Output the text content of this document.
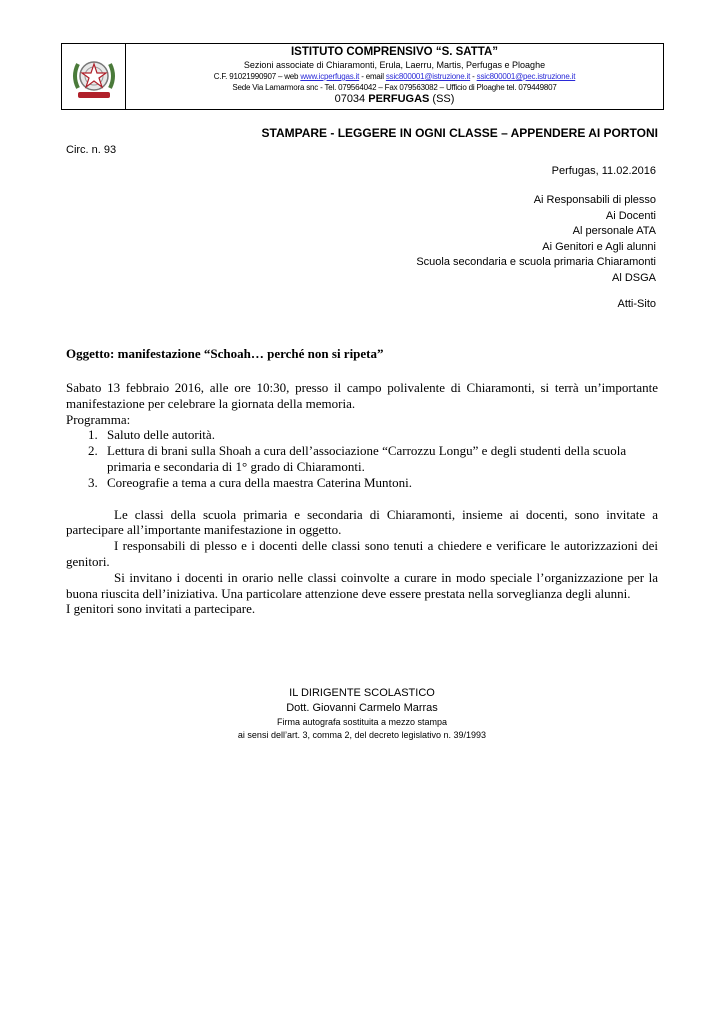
ISTITUTO COMPRENSIVO “S. SATTA”
Sezioni associate di Chiaramonti, Erula, Laerru, Martis, Perfugas e Ploaghe
C.F. 91021990907 – web www.icperfugas.it - email ssic800001@istruzione.it - ssic800001@pec.istruzione.it
Sede Via Lamarmora snc - Tel. 079564042 – Fax 079563082 – Ufficio di Ploaghe tel. 079449807
07034 PERFUGAS (SS)
STAMPARE - LEGGERE IN OGNI CLASSE – APPENDERE AI PORTONI
Circ. n. 93
Perfugas, 11.02.2016
Ai Responsabili di plesso
Ai Docenti
Al personale ATA
Ai Genitori e Agli alunni
Scuola secondaria e scuola primaria Chiaramonti
Al DSGA
Atti-Sito
Oggetto: manifestazione “Schoah… perché non si ripeta”

Sabato 13 febbraio 2016, alle ore 10:30, presso il campo polivalente di Chiaramonti, si terrà un’importante manifestazione per celebrare la giornata della memoria.

Programma:

1. Saluto delle autorità.
2. Lettura di brani sulla Shoah a cura dell’associazione “Carrozzu Longu” e degli studenti della scuola primaria e secondaria di 1° grado di Chiaramonti.
3. Coreografie a tema a cura della maestra Caterina Muntoni.

Le classi della scuola primaria e secondaria di Chiaramonti, insieme ai docenti, sono invitate a partecipare all’importante manifestazione in oggetto.

I responsabili di plesso e i docenti delle classi sono tenuti a chiedere e verificare le autorizzazioni dei genitori.

Si invitano i docenti in orario nelle classi coinvolte a curare in modo speciale l’organizzazione per la buona riuscita dell’iniziativa. Una particolare attenzione deve essere prestata nella sorveglianza degli alunni.

I genitori sono invitati a partecipare.

IL DIRIGENTE SCOLASTICO
Dott. Giovanni Carmelo Marras
Firma autografa sostituita a mezzo stampa
ai sensi dell’art. 3, comma 2, del decreto legislativo n. 39/1993
